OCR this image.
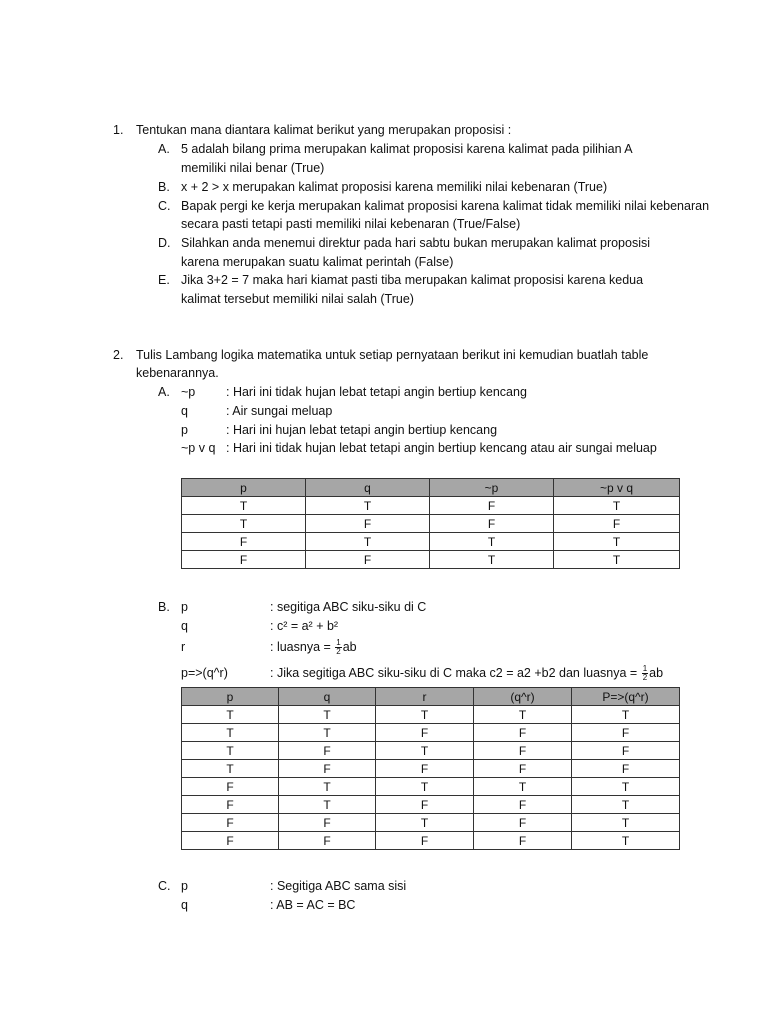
1. Tentukan mana diantara kalimat berikut yang merupakan proposisi :
A. 5 adalah bilang prima merupakan kalimat proposisi karena kalimat pada pilihian A
memiliki nilai benar (True)
B. x + 2 > x merupakan kalimat proposisi karena memiliki nilai kebenaran (True)
C. Bapak pergi ke kerja merupakan kalimat proposisi karena kalimat tidak memiliki nilai kebenaran
secara pasti tetapi pasti memiliki nilai kebenaran (True/False)
D. Silahkan anda menemui direktur pada hari sabtu bukan merupakan kalimat proposisi
karena merupakan suatu kalimat perintah (False)
E. Jika 3+2 = 7 maka hari kiamat pasti tiba merupakan kalimat proposisi karena kedua
kalimat tersebut memiliki nilai salah (True)
2. Tulis Lambang logika matematika untuk setiap pernyataan berikut ini kemudian buatlah table
kebenarannya.
A. ~p : Hari ini tidak hujan lebat tetapi angin bertiup kencang
q	: Air sungai meluap
p	: Hari ini hujan lebat tetapi angin bertiup kencang
~p v q : Hari ini tidak hujan lebat tetapi angin bertiup kencang atau air sungai meluap
p	q	~p	~p v q
T	T	F	T
T	F	F	F
F	T	T	T
F	F	T	T
B. p	: segitiga ABC siku-siku di C
q	: c² = a² + b²
r	: luasnya = $\frac{1}{2}$ ab
p=>(q^r)	: Jika segitiga ABC siku-siku di C maka c2 = a2 +b2 dan luasnya = $\frac{1}{2}$ ab
p	q	r	(q^r)	P=>(q^r)
T	T	T	T	T
T	T	F	F	F
T	F	T	F	F
T	F	F	F	F
F	T	T	T	T
F	T	F	F	T
F	F	T	F	T
F	F	F	F	T
C. p	: Segitiga ABC sama sisi
q	: AB = AC = BC
